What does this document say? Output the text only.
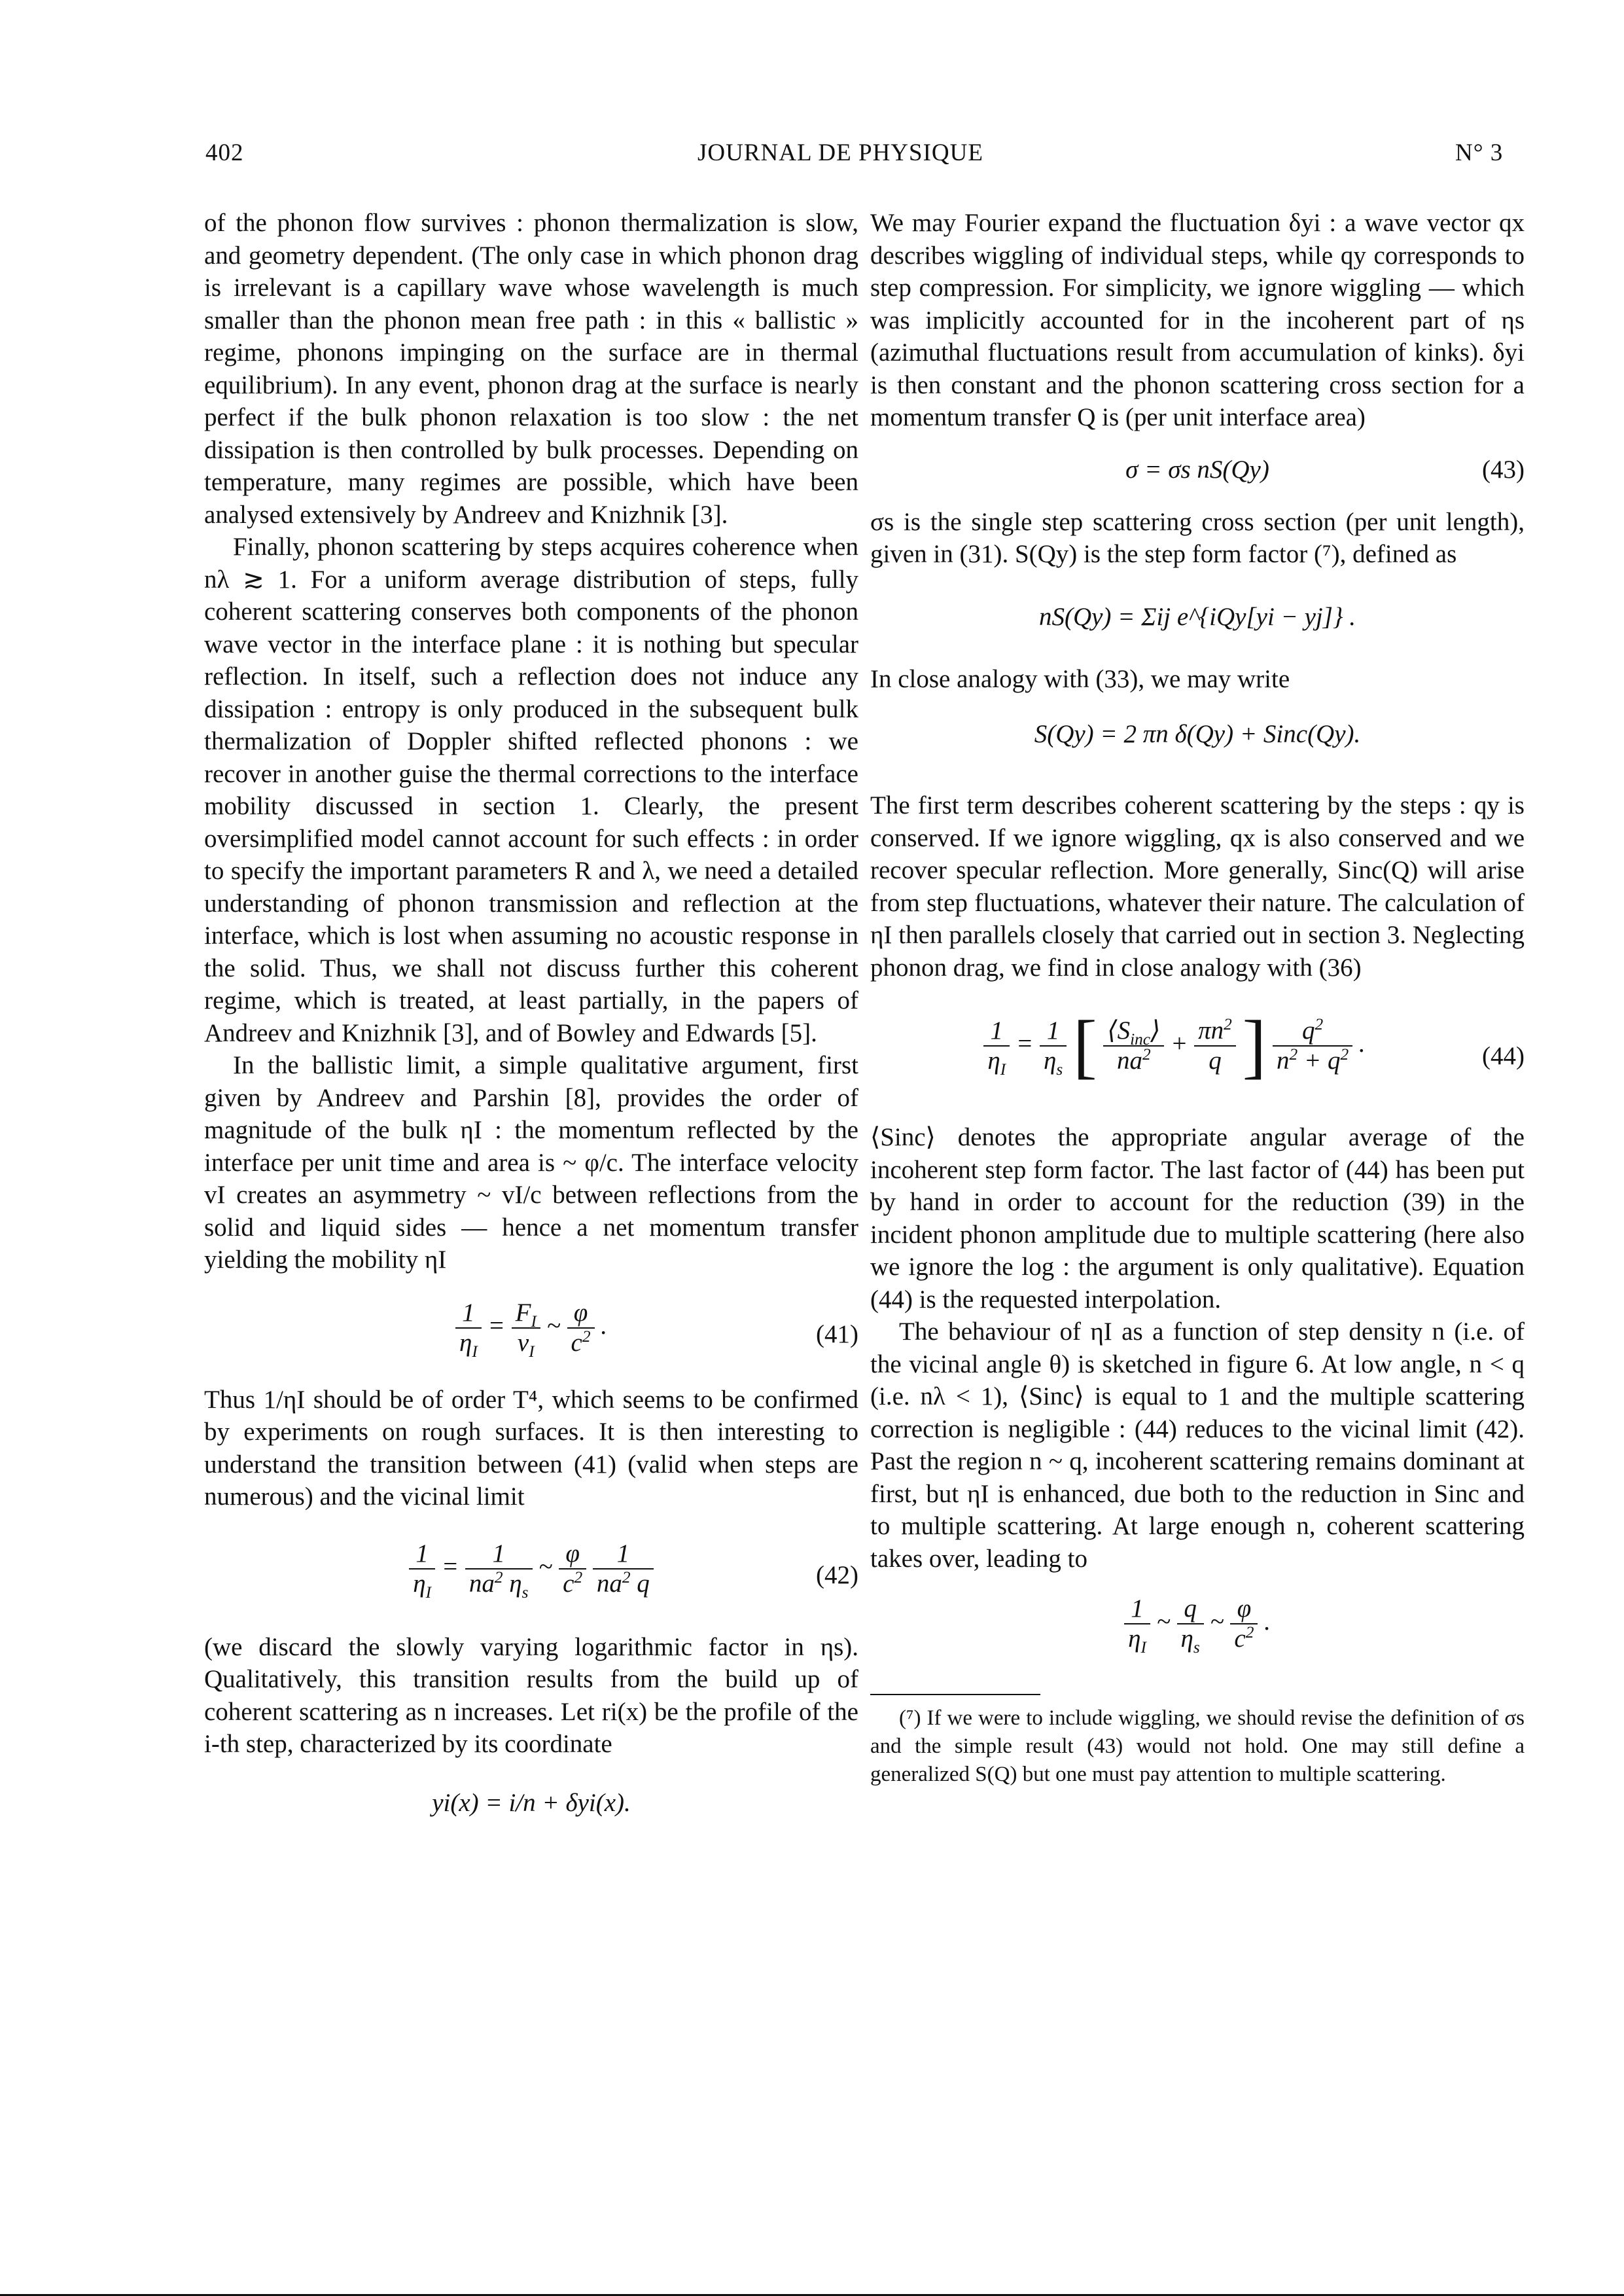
402	JOURNAL DE PHYSIQUE	N° 3

of the phonon flow survives : phonon thermalization is slow, and geometry dependent. (The only case in which phonon drag is irrelevant is a capillary wave whose wavelength is much smaller than the phonon mean free path : in this « ballistic » regime, phonons impinging on the surface are in thermal equilibrium). In any event, phonon drag at the surface is nearly perfect if the bulk phonon relaxation is too slow : the net dissipation is then controlled by bulk processes. Depending on temperature, many regimes are possible, which have been analysed extensively by Andreev and Knizhnik [3].

Finally, phonon scattering by steps acquires coherence when nλ ≳ 1. For a uniform average distribution of steps, fully coherent scattering conserves both components of the phonon wave vector in the interface plane : it is nothing but specular reflection. In itself, such a reflection does not induce any dissipation : entropy is only produced in the subsequent bulk thermalization of Doppler shifted reflected phonons : we recover in another guise the thermal corrections to the interface mobility discussed in section 1. Clearly, the present oversimplified model cannot account for such effects : in order to specify the important parameters R and λ, we need a detailed understanding of phonon transmission and reflection at the interface, which is lost when assuming no acoustic response in the solid. Thus, we shall not discuss further this coherent regime, which is treated, at least partially, in the papers of Andreev and Knizhnik [3], and of Bowley and Edwards [5].

In the ballistic limit, a simple qualitative argument, first given by Andreev and Parshin [8], provides the order of magnitude of the bulk ηI : the momentum reflected by the interface per unit time and area is ~ φ/c. The interface velocity vI creates an asymmetry ~ vI/c between reflections from the solid and liquid sides — hence a net momentum transfer yielding the mobility ηI

$\frac{1}{\eta_I} = \frac{F_I}{v_I}$ ~ $\frac{\varphi}{c^2}$ .	(41)

Thus 1/ηI should be of order T⁴, which seems to be confirmed by experiments on rough surfaces. It is then interesting to understand the transition between (41) (valid when steps are numerous) and the vicinal limit

$\frac{1}{\eta_I} = \frac{1}{na^2 \eta_s}$ ~ $\frac{\varphi}{c^2}$
$\frac{1}{na^2 q}$	(42)

(we discard the slowly varying logarithmic factor in ηs). Qualitatively, this transition results from the build up of coherent scattering as n increases. Let ri(x) be the profile of the i-th step, characterized by its coordinate

yi(x) = i/n + δyi(x).

We may Fourier expand the fluctuation δyi : a wave vector qx describes wiggling of individual steps, while qy corresponds to step compression. For simplicity, we ignore wiggling — which was implicitly accounted for in the incoherent part of ηs (azimuthal fluctuations result from accumulation of kinks). δyi is then constant and the phonon scattering cross section for a momentum transfer Q is (per unit interface area)

σ = σs nS(Qy)	(43)

σs is the single step scattering cross section (per unit length), given in (31). S(Qy) is the step form factor (⁷), defined as

nS(Qy) = Σij e^{iQy[yi − yj]} .

In close analogy with (33), we may write

S(Qy) = 2 πn δ(Qy) + Sinc(Qy).

The first term describes coherent scattering by the steps : qy is conserved. If we ignore wiggling, qx is also conserved and we recover specular reflection. More generally, Sinc(Q) will arise from step fluctuations, whatever their nature. The calculation of ηI then parallels closely that carried out in section 3. Neglecting phonon drag, we find in close analogy with (36)

$\frac{1}{\eta_I} = \frac{1}{\eta_s}$ [ $\frac{⟨S_{inc}⟩}{na^2} + \frac{\pi n^2}{q}$ ] $\frac{q^2}{n^2 + q^2}$ .	(44)

⟨Sinc⟩ denotes the appropriate angular average of the incoherent step form factor. The last factor of (44) has been put by hand in order to account for the reduction (39) in the incident phonon amplitude due to multiple scattering (here also we ignore the log : the argument is only qualitative). Equation (44) is the requested interpolation.

The behaviour of ηI as a function of step density n (i.e. of the vicinal angle θ) is sketched in figure 6. At low angle, n < q (i.e. nλ < 1), ⟨Sinc⟩ is equal to 1 and the multiple scattering correction is negligible : (44) reduces to the vicinal limit (42). Past the region n ~ q, incoherent scattering remains dominant at first, but ηI is enhanced, due both to the reduction in Sinc and to multiple scattering. At large enough n, coherent scattering takes over, leading to

$\frac{1}{\eta_I}$ ~ $\frac{q}{\eta_s}$ ~ $\frac{\varphi}{c^2}$ .

(⁷) If we were to include wiggling, we should revise the definition of σs and the simple result (43) would not hold. One may still define a generalized S(Q) but one must pay attention to multiple scattering.
